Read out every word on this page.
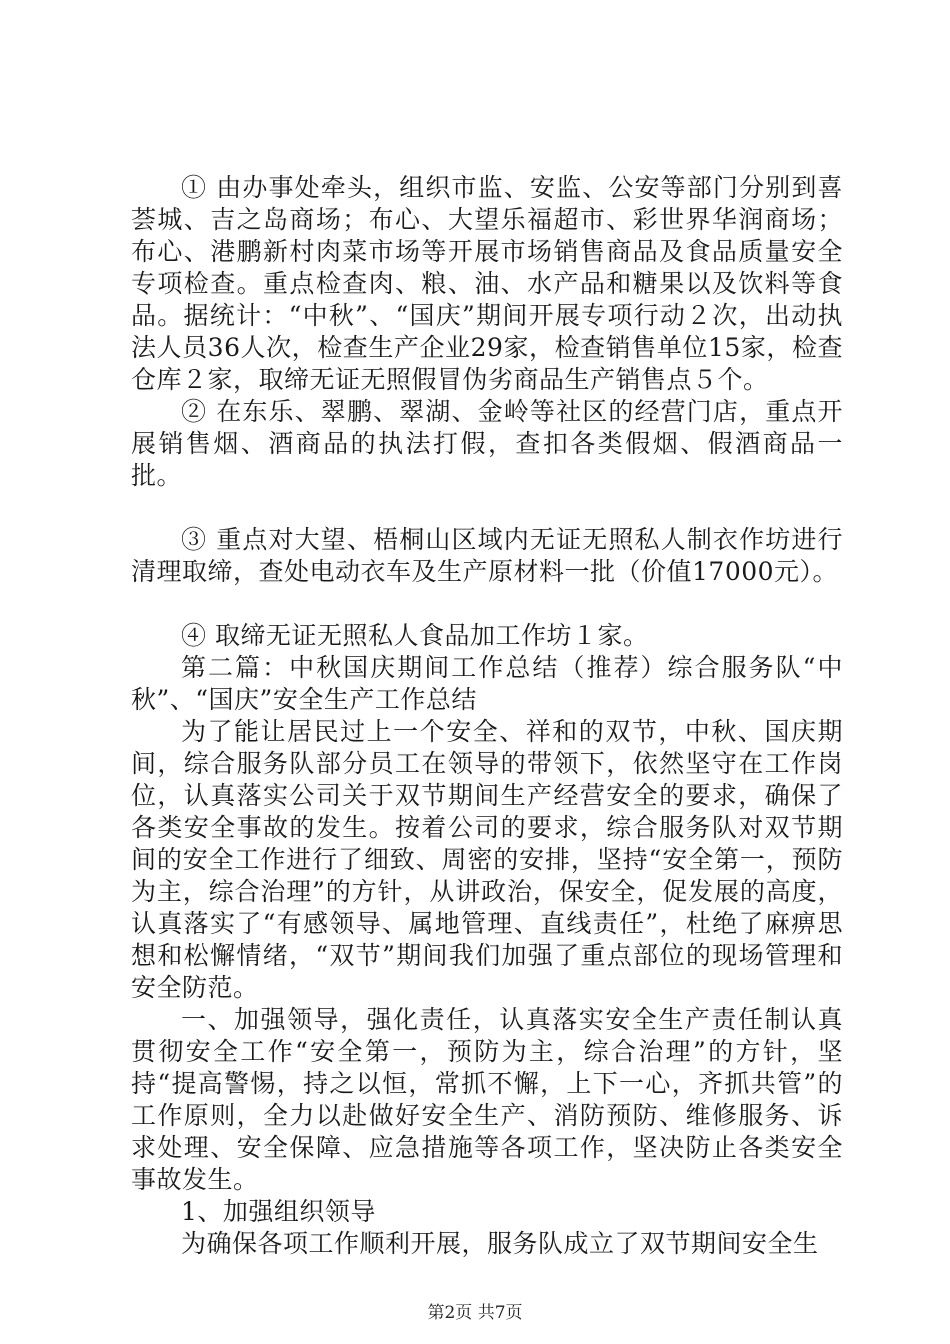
① 由办事处牵头，组织市监、安监、公安等部门分别到喜荟城、吉之岛商场；布心、大望乐福超市、彩世界华润商场；布心、港鹏新村肉菜市场等开展市场销售商品及食品质量安全专项检查。重点检查肉、粮、油、水产品和糖果以及饮料等食品。据统计：“中秋”、“国庆”期间开展专项行动２次，出动执法人员36人次，检查生产企业29家，检查销售单位15家，检查仓库２家，取缔无证无照假冒伪劣商品生产销售点５个。

② 在东乐、翠鹏、翠湖、金岭等社区的经营门店，重点开展销售烟、酒商品的执法打假，查扣各类假烟、假酒商品一批。

③ 重点对大望、梧桐山区域内无证无照私人制衣作坊进行清理取缔，查处电动衣车及生产原材料一批（价值17000元）。

④ 取缔无证无照私人食品加工作坊１家。

第二篇：中秋国庆期间工作总结（推荐）综合服务队“中秋”、“国庆”安全生产工作总结

为了能让居民过上一个安全、祥和的双节，中秋、国庆期间，综合服务队部分员工在领导的带领下，依然坚守在工作岗位，认真落实公司关于双节期间生产经营安全的要求，确保了各类安全事故的发生。按着公司的要求，综合服务队对双节期间的安全工作进行了细致、周密的安排，坚持“安全第一，预防为主，综合治理”的方针，从讲政治，保安全，促发展的高度，认真落实了“有感领导、属地管理、直线责任”，杜绝了麻痹思想和松懈情绪，“双节”期间我们加强了重点部位的现场管理和安全防范。

一、加强领导，强化责任，认真落实安全生产责任制认真贯彻安全工作“安全第一，预防为主，综合治理”的方针，坚持“提高警惕，持之以恒，常抓不懈，上下一心，齐抓共管”的工作原则，全力以赴做好安全生产、消防预防、维修服务、诉求处理、安全保障、应急措施等各项工作，坚决防止各类安全事故发生。

1、加强组织领导

为确保各项工作顺利开展，服务队成立了双节期间安全生

第2页 共7页
